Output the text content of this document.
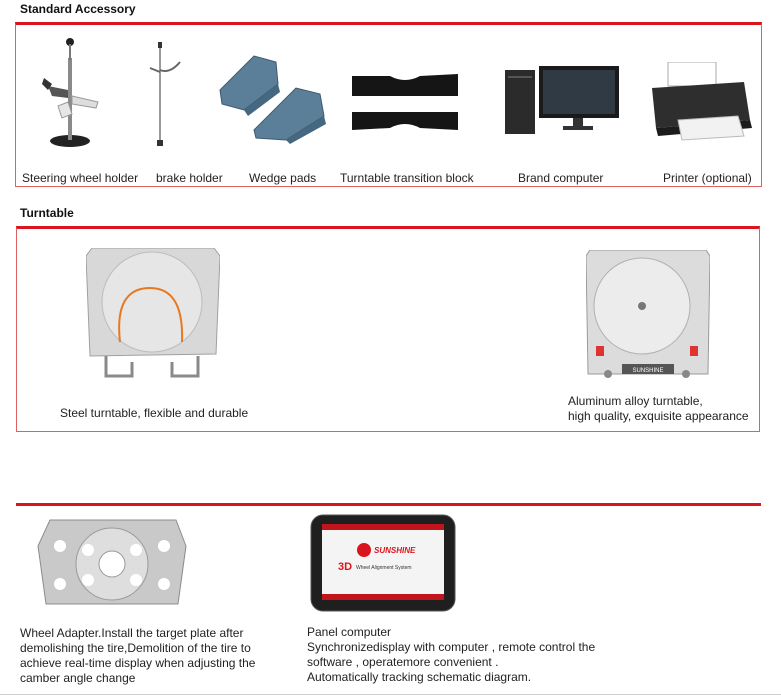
Standard Accessory
Steering wheel holder brake holder Wedge pads Turntable transition block	Brand computer	Printer (optional)
Turntable
Steel turntable, flexible and durable
SUNSHINE
Aluminum alloy turntable,
high quality, exquisite appearance
Wheel Adapter.Install the target plate after
demolishing the tire,Demolition of the tire to
achieve real-time display when adjusting the
camber angle change
SUNSHINE
3D Wheel Alignment System
Panel computer
Synchronizedisplay with computer , remote control the
software , operatemore convenient .
Automatically tracking schematic diagram.
